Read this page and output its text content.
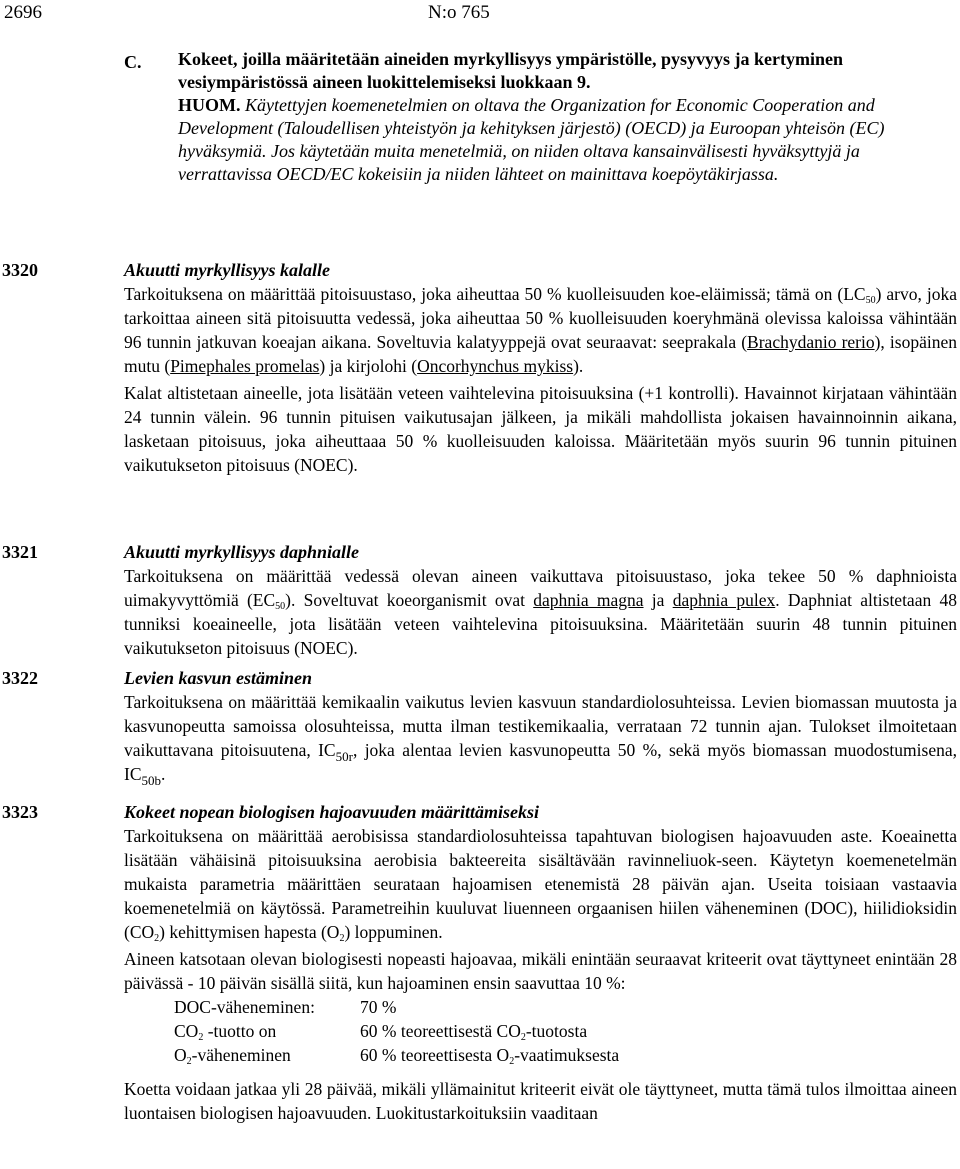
2696	N:o 765
C. Kokeet, joilla määritetään aineiden myrkyllisyys ympäristölle, pysyvyys ja kertyminen vesiympäristössä aineen luokittelemiseksi luokkaan 9.
HUOM. Käytettyjen koemenetelmien on oltava the Organization for Economic Cooperation and Development (Taloudellisen yhteistyön ja kehityksen järjestö) (OECD) ja Euroopan yhteisön (EC) hyväksymiä. Jos käytetään muita menetelmiä, on niiden oltava kansainvälisesti hyväksyttyjä ja verrattavissa OECD/EC kokeisiin ja niiden lähteet on mainittava koepöytäkirjassa.
3320	Akuutti myrkyllisyys kalalle

Tarkoituksena on määrittää pitoisuustaso, joka aiheuttaa 50 % kuolleisuuden koe-eläimissä; tämä on $(LC_{50})$ arvo, joka tarkoittaa aineen sitä pitoisuutta vedessä, joka aiheuttaa 50 % kuolleisuuden koeryhmänä olevissa kaloissa vähintään 96 tunnin jatkuvan koeajan aikana. Soveltuvia kalatyyppejä ovat seuraavat: seeprakala (Brachydanio rerio), isopäinen mutu (Pimephales promelas) ja kirjolohi (Oncorhynchus mykiss).

Kalat altistetaan aineelle, jota lisätään veteen vaihtelevina pitoisuuksina (+1 kontrolli). Havainnot kirjataan vähintään 24 tunnin välein. 96 tunnin pituisen vaikutusajan jälkeen, ja mikäli mahdollista jokaisen havainnoinnin aikana, lasketaan pitoisuus, joka aiheuttaaa 50 % kuolleisuuden kaloissa. Määritetään myös suurin 96 tunnin pituinen vaikutukseton pitoisuus (NOEC).

3321	Akuutti myrkyllisyys daphnialle

Tarkoituksena on määrittää vedessä olevan aineen vaikuttava pitoisuustaso, joka tekee 50 % daphnioista uimakyvyttömiä $(EC_{50})$. Soveltuvat koeorganismit ovat daphnia magna ja daphnia pulex. Daphniat altistetaan 48 tunniksi koeaineelle, jota lisätään veteen vaihtelevina pitoisuuksina. Määritetään suurin 48 tunnin pituinen vaikutukseton pitoisuus (NOEC).

3322	Levien kasvun estäminen

Tarkoituksena on määrittää kemikaalin vaikutus levien kasvuun standardiolosuhteissa. Levien biomassan muutosta ja kasvunopeutta samoissa olosuhteissa, mutta ilman testikemikaalia, verrataan 72 tunnin ajan. Tulokset ilmoitetaan vaikuttavana pitoisuutena, $IC_{50r}$, joka alentaa levien kasvunopeutta 50 %, sekä myös biomassan muodostumisena, $IC_{50b}$.

3323	Kokeet nopean biologisen hajoavuuden määrittämiseksi

Tarkoituksena on määrittää aerobisissa standardiolosuhteissa tapahtuvan biologisen hajoavuuden aste. Koeainetta lisätään vähäisinä pitoisuuksina aerobisia bakteereita sisältävään ravinneliuok-seen. Käytetyn koemenetelmän mukaista parametria määrittäen seurataan hajoamisen etenemistä 28 päivän ajan. Useita toisiaan vastaavia koemenetelmiä on käytössä. Parametreihin kuuluvat liuenneen orgaanisen hiilen väheneminen (DOC), hiilidioksidin $(CO_2)$ kehittymisen hapesta $(O_2)$ loppuminen.

Aineen katsotaan olevan biologisesti nopeasti hajoavaa, mikäli enintään seuraavat kriteerit ovat täyttyneet enintään 28 päivässä - 10 päivän sisällä siitä, kun hajoaminen ensin saavuttaa 10 %:

DOC-väheneminen:	70 %
$CO_2$ -tuotto on	60 % teoreettisestä $CO_2$-tuotosta
$O_2$-väheneminen	60 % teoreettisesta $O_2$-vaatimuksesta

Koetta voidaan jatkaa yli 28 päivää, mikäli yllämainitut kriteerit eivät ole täyttyneet, mutta tämä tulos ilmoittaa aineen luontaisen biologisen hajoavuuden. Luokitustarkoituksiin vaaditaan
